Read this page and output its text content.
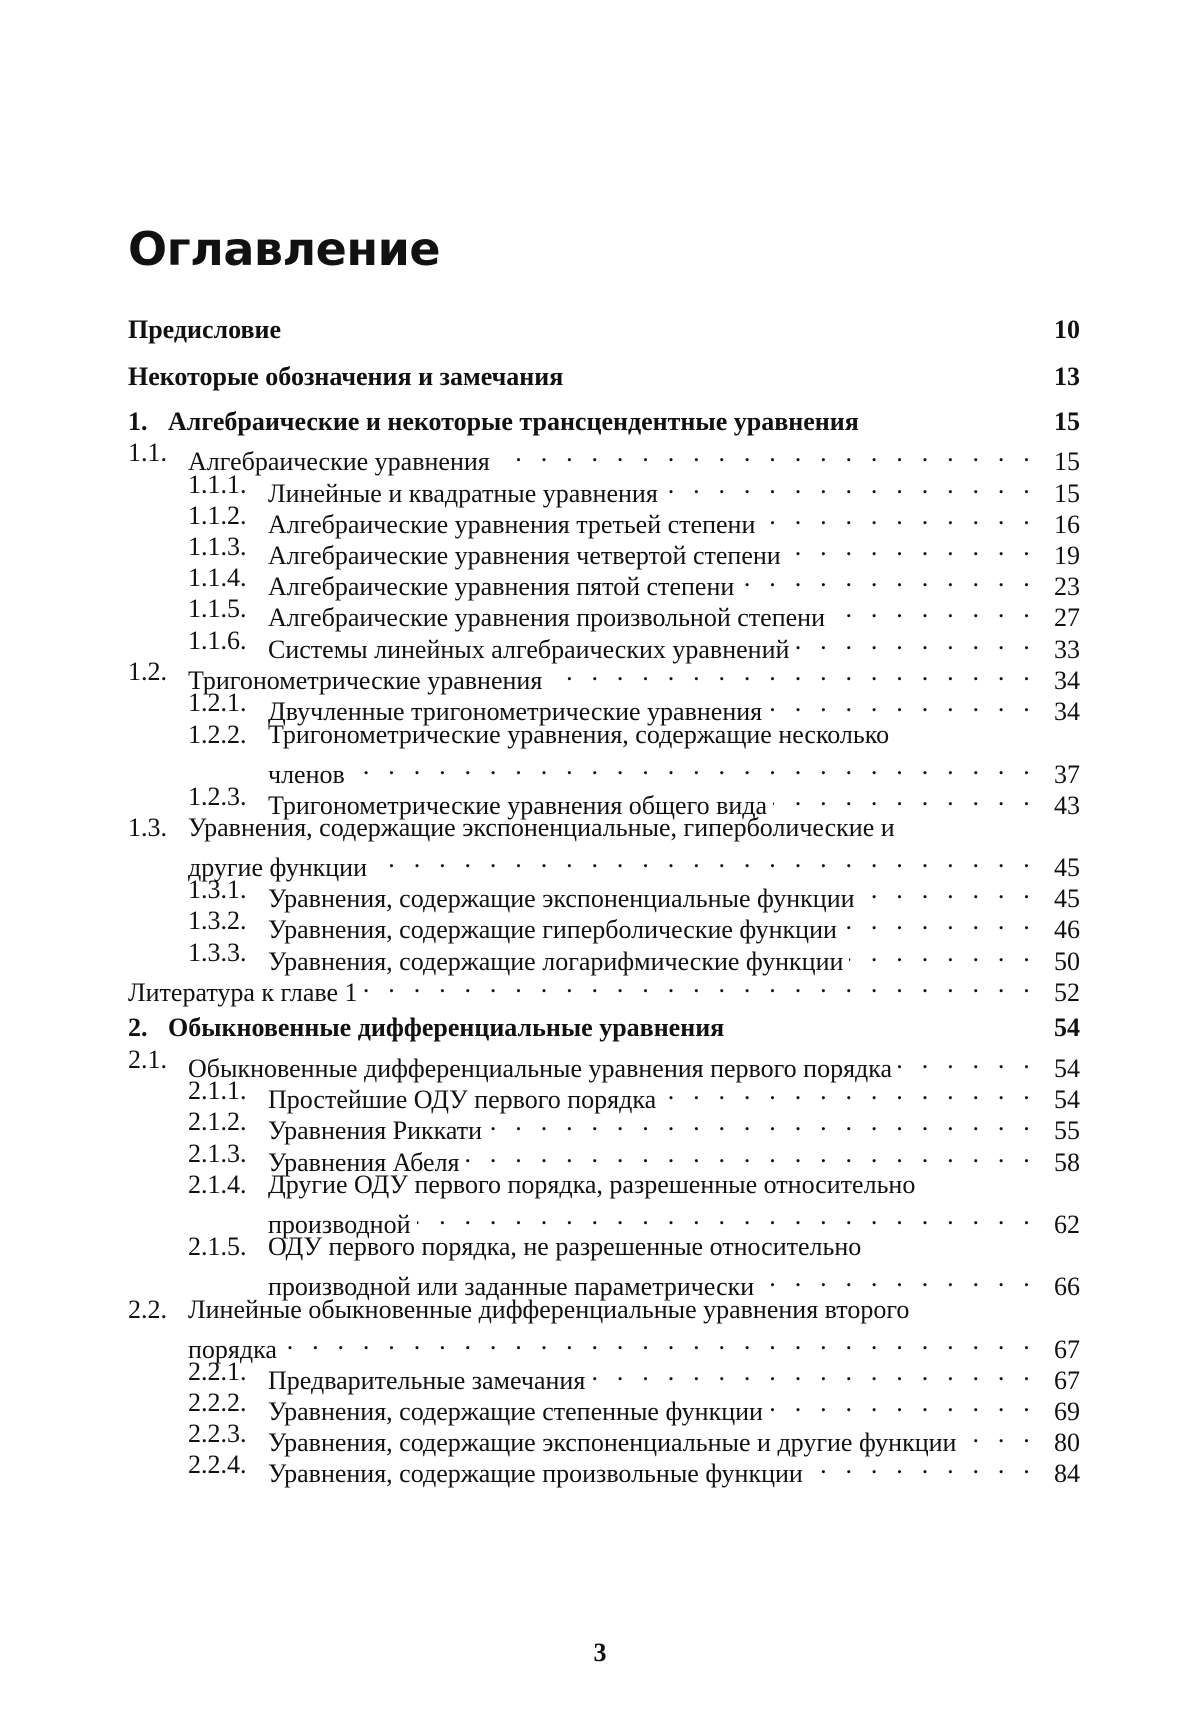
Оглавление
Предисловие	10
Некоторые обозначения и замечания	13
1. Алгебраические и некоторые трансцендентные уравнения	15
1.1. Алгебраические уравнения
. . .	15
1.1.1. Линейные и квадратные уравнения
. . .	15
1.1.2. Алгебраические уравнения третьей степени
. . .	16
1.1.3. Алгебраические уравнения четвертой степени
. . .	19
1.1.4. Алгебраические уравнения пятой степени
. . .	23
1.1.5. Алгебраические уравнения произвольной степени
. . .	27
1.1.6. Системы линейных алгебраических уравнений
. . .	33
1.2. Тригонометрические уравнения
. . .	34
1.2.1. Двучленные тригонометрические уравнения
. . .	34
1.2.2. Тригонометрические уравнения, содержащие несколько
членов
. . .	37
1.2.3. Тригонометрические уравнения общего вида
. . .	43
1.3. Уравнения, содержащие экспоненциальные, гиперболические и
другие функции
. . .	45
1.3.1. Уравнения, содержащие экспоненциальные функции
. . .	45
1.3.2. Уравнения, содержащие гиперболические функции
. . .	46
1.3.3. Уравнения, содержащие логарифмические функции
. . .	50
Литература к главе 1
. . .	52
2. Обыкновенные дифференциальные уравнения	54
2.1. Обыкновенные дифференциальные уравнения первого порядка
. . .	54
2.1.1. Простейшие ОДУ первого порядка
. . .	54
2.1.2. Уравнения Риккати
. . .	55
2.1.3. Уравнения Абеля
. . .	58
2.1.4. Другие ОДУ первого порядка, разрешенные относительно
производной
. . .	62
2.1.5. ОДУ первого порядка, не разрешенные относительно
производной или заданные параметрически
. . .	66
2.2. Линейные обыкновенные дифференциальные уравнения второго
порядка
. . .	67
2.2.1. Предварительные замечания
. . .	67
2.2.2. Уравнения, содержащие степенные функции
. . .	69
2.2.3. Уравнения, содержащие экспоненциальные и другие функции
. . .	80
2.2.4. Уравнения, содержащие произвольные функции
. . .	84
3
